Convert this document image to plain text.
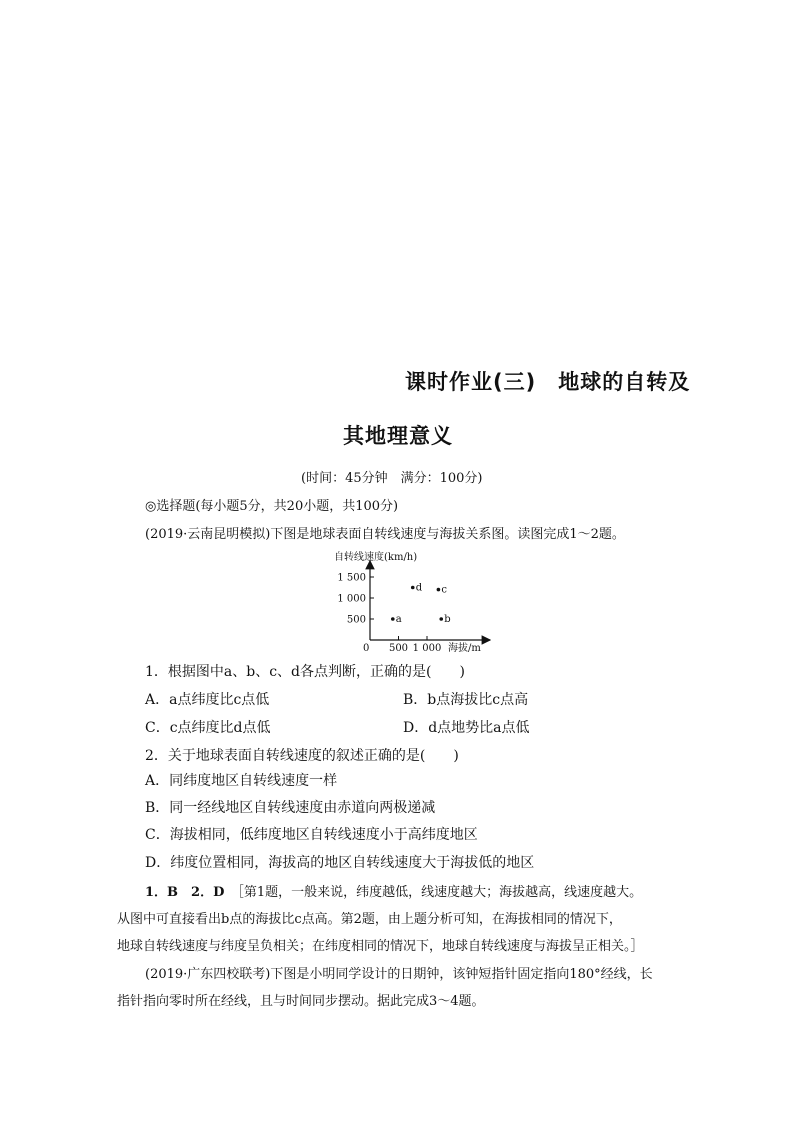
课时作业(三)　地球的自转及
其地理意义
(时间：45分钟　满分：100分)
◎选择题(每小题5分，共20小题，共100分)
(2019·云南昆明模拟)下图是地球表面自转线速度与海拔关系图。读图完成1～2题。
自转线速度(km/h)
海拔/m
0
1 500
1 000
500
500 1 000
a	b
c
d
1．根据图中a、b、c、d各点判断，正确的是(　　)
A．a点纬度比c点低	B．b点海拔比c点高
C．c点纬度比d点低	D．d点地势比a点低
2．关于地球表面自转线速度的叙述正确的是(　　)
A．同纬度地区自转线速度一样
B．同一经线地区自转线速度由赤道向两极递减
C．海拔相同，低纬度地区自转线速度小于高纬度地区
D．纬度位置相同，海拔高的地区自转线速度大于海拔低的地区
1．B　2．D　 ［第1题，一般来说，纬度越低，线速度越大；海拔越高，线速度越大。
从图中可直接看出b点的海拔比c点高。第2题，由上题分析可知，在海拔相同的情况下，
地球自转线速度与纬度呈负相关；在纬度相同的情况下，地球自转线速度与海拔呈正相关。］
(2019·广东四校联考)下图是小明同学设计的日期钟，该钟短指针固定指向180°经线，长
指针指向零时所在经线，且与时间同步摆动。据此完成3～4题。
